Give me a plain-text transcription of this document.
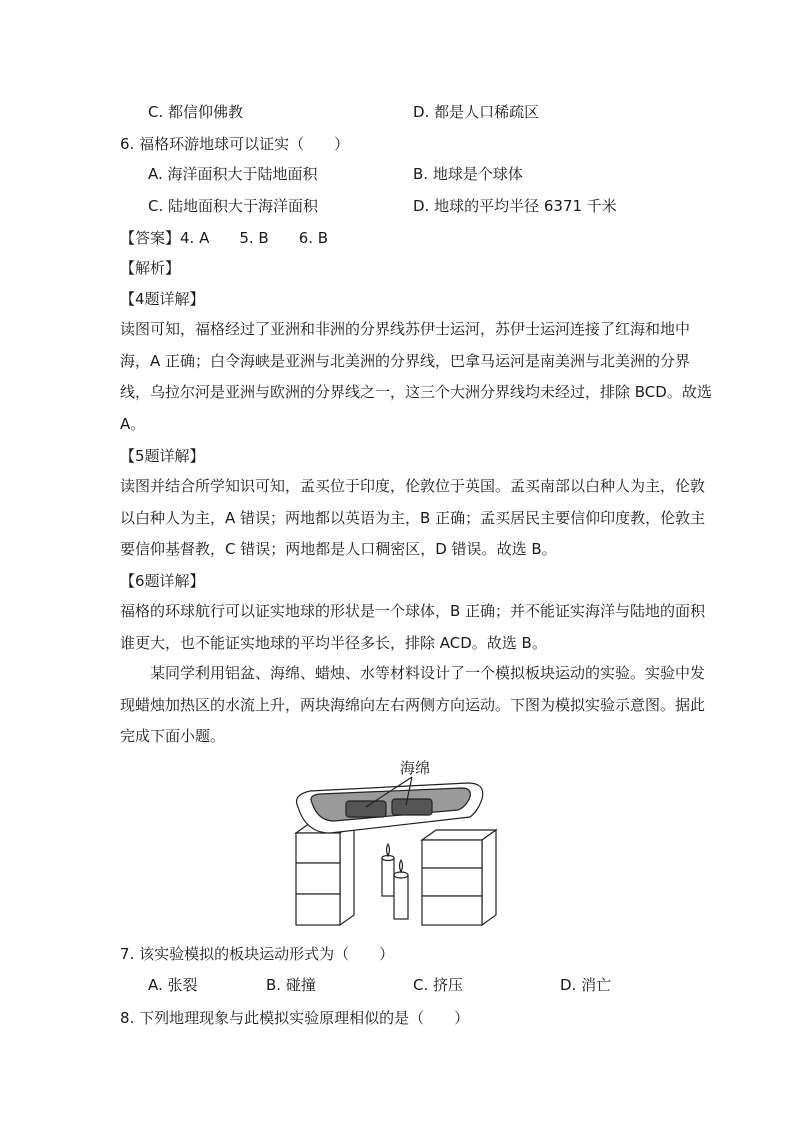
C. 都信仰佛教	D. 都是人口稀疏区
6. 福格环游地球可以证实（　　）
A. 海洋面积大于陆地面积	B. 地球是个球体
C. 陆地面积大于海洋面积	D. 地球的平均半径 6371 千米
【答案】4. A　　5. B　　6. B
【解析】
【4题详解】
读图可知，福格经过了亚洲和非洲的分界线苏伊士运河，苏伊士运河连接了红海和地中
海，A 正确；白令海峡是亚洲与北美洲的分界线，巴拿马运河是南美洲与北美洲的分界
线，乌拉尔河是亚洲与欧洲的分界线之一，这三个大洲分界线均未经过，排除 BCD。故选
A。
【5题详解】
读图并结合所学知识可知，孟买位于印度，伦敦位于英国。孟买南部以白种人为主，伦敦
以白种人为主，A 错误；两地都以英语为主，B 正确；孟买居民主要信仰印度教，伦敦主
要信仰基督教，C 错误；两地都是人口稠密区，D 错误。故选 B。
【6题详解】
福格的环球航行可以证实地球的形状是一个球体，B 正确；并不能证实海洋与陆地的面积
谁更大，也不能证实地球的平均半径多长，排除 ACD。故选 B。
　　某同学利用铝盆、海绵、蜡烛、水等材料设计了一个模拟板块运动的实验。实验中发
现蜡烛加热区的水流上升，两块海绵向左右两侧方向运动。下图为模拟实验示意图。据此
完成下面小题。
海绵
7. 该实验模拟的板块运动形式为（　　）
A. 张裂	B. 碰撞	C. 挤压	D. 消亡
8. 下列地理现象与此模拟实验原理相似的是（　　）
